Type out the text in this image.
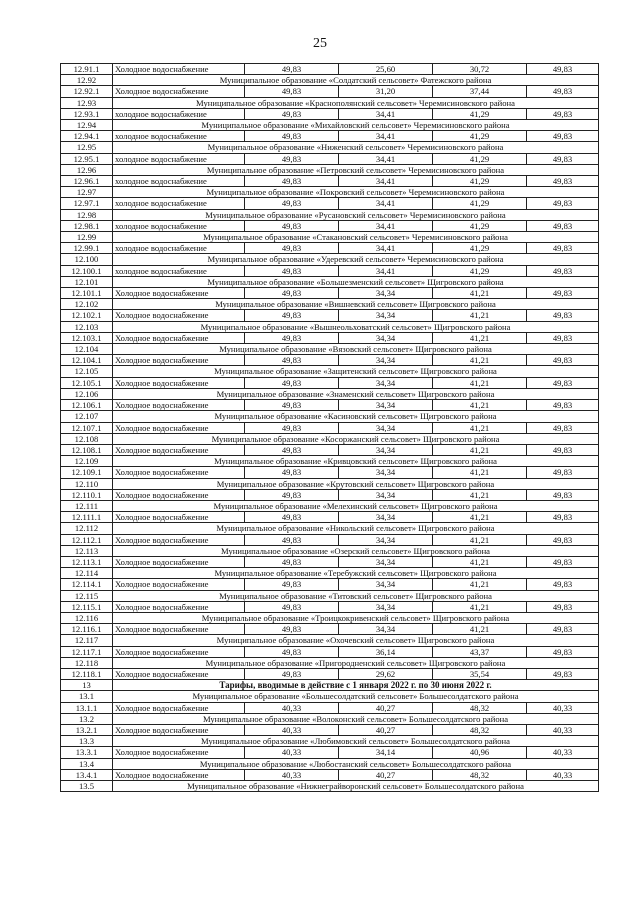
25
12.91.1	Холодное водоснабжение	49,83	25,60	30,72	49,83
12.92	Муниципальное образование «Солдатский сельсовет» Фатежского района				
12.92.1	Холодное водоснабжение	49,83	31,20	37,44	49,83
12.93	Муниципальное образование «Краснополянский сельсовет» Черемисиновского района				
12.93.1	холодное водоснабжение	49,83	34,41	41,29	49,83
12.94	Муниципальное образование «Михайловский сельсовет» Черемисиновского района				
12.94.1	холодное водоснабжение	49,83	34,41	41,29	49,83
12.95	Муниципальное образование «Ниженский сельсовет» Черемисиновского района				
12.95.1	холодное водоснабжение	49,83	34,41	41,29	49,83
12.96	Муниципальное образование «Петровский сельсовет» Черемисиновского района				
12.96.1	холодное водоснабжение	49,83	34,41	41,29	49,83
12.97	Муниципальное образование «Покровский сельсовет» Черемисиновского района				
12.97.1	холодное водоснабжение	49,83	34,41	41,29	49,83
12.98	Муниципальное образование «Русановский сельсовет» Черемисиновского района				
12.98.1	холодное водоснабжение	49,83	34,41	41,29	49,83
12.99	Муниципальное образование «Стакановский сельсовет» Черемисиновского района				
12.99.1	холодное водоснабжение	49,83	34,41	41,29	49,83
12.100	Муниципальное образование «Удеревский сельсовет» Черемисиновского района				
12.100.1	холодное водоснабжение	49,83	34,41	41,29	49,83
12.101	Муниципальное образование «Большезменский сельсовет» Щигровского района				
12.101.1	Холодное водоснабжение	49,83	34,34	41,21	49,83
12.102	Муниципальное образование «Вишневский сельсовет» Щигровского района				
12.102.1	Холодное водоснабжение	49,83	34,34	41,21	49,83
12.103	Муниципальное образование «Вышнеольховатский сельсовет» Щигровского района				
12.103.1	Холодное водоснабжение	49,83	34,34	41,21	49,83
12.104	Муниципальное образование «Вязовский сельсовет» Щигровского района				
12.104.1	Холодное водоснабжение	49,83	34,34	41,21	49,83
12.105	Муниципальное образование «Защитенский сельсовет» Щигровского района				
12.105.1	Холодное водоснабжение	49,83	34,34	41,21	49,83
12.106	Муниципальное образование «Знаменский сельсовет» Щигровского района				
12.106.1	Холодное водоснабжение	49,83	34,34	41,21	49,83
12.107	Муниципальное образование «Касиновский сельсовет» Щигровского района				
12.107.1	Холодное водоснабжение	49,83	34,34	41,21	49,83
12.108	Муниципальное образование «Косоржанский сельсовет» Щигровского района				
12.108.1	Холодное водоснабжение	49,83	34,34	41,21	49,83
12.109	Муниципальное образование «Кривцовский сельсовет» Щигровского района				
12.109.1	Холодное водоснабжение	49,83	34,34	41,21	49,83
12.110	Муниципальное образование «Крутовский сельсовет» Щигровского района				
12.110.1	Холодное водоснабжение	49,83	34,34	41,21	49,83
12.111	Муниципальное образование «Мелехинский сельсовет» Щигровского района				
12.111.1	Холодное водоснабжение	49,83	34,34	41,21	49,83
12.112	Муниципальное образование «Никольский сельсовет» Щигровского района				
12.112.1	Холодное водоснабжение	49,83	34,34	41,21	49,83
12.113	Муниципальное образование «Озерский сельсовет» Щигровского района				
12.113.1	Холодное водоснабжение	49,83	34,34	41,21	49,83
12.114	Муниципальное образование «Теребужский сельсовет» Щигровского района				
12.114.1	Холодное водоснабжение	49,83	34,34	41,21	49,83
12.115	Муниципальное образование «Титовский сельсовет» Щигровского района				
12.115.1	Холодное водоснабжение	49,83	34,34	41,21	49,83
12.116	Муниципальное образование «Троицкокривенский сельсовет» Щигровского района				
12.116.1	Холодное водоснабжение	49,83	34,34	41,21	49,83
12.117	Муниципальное образование «Охочевский сельсовет» Щигровского района				
12.117.1	Холодное водоснабжение	49,83	36,14	43,37	49,83
12.118	Муниципальное образование «Пригородненский сельсовет» Щигровского района				
12.118.1	Холодное водоснабжение	49,83	29,62	35,54	49,83
13	Тарифы, вводимые в действие с 1 января 2022 г. по 30 июня 2022 г.				
13.1	Муниципальное образование «Большесолдатский сельсовет» Большесолдатского района				
13.1.1	Холодное водоснабжение	40,33	40,27	48,32	40,33
13.2	Муниципальное образование «Волоконский сельсовет» Большесолдатского района				
13.2.1	Холодное водоснабжение	40,33	40,27	48,32	40,33
13.3	Муниципальное образование «Любимовский сельсовет» Большесолдатского района				
13.3.1	Холодное водоснабжение	40,33	34,14	40,96	40,33
13.4	Муниципальное образование «Любостанский сельсовет» Большесолдатского района				
13.4.1	Холодное водоснабжение	40,33	40,27	48,32	40,33
13.5	Муниципальное образование «Нижнеграйворонский сельсовет» Большесолдатского района				
